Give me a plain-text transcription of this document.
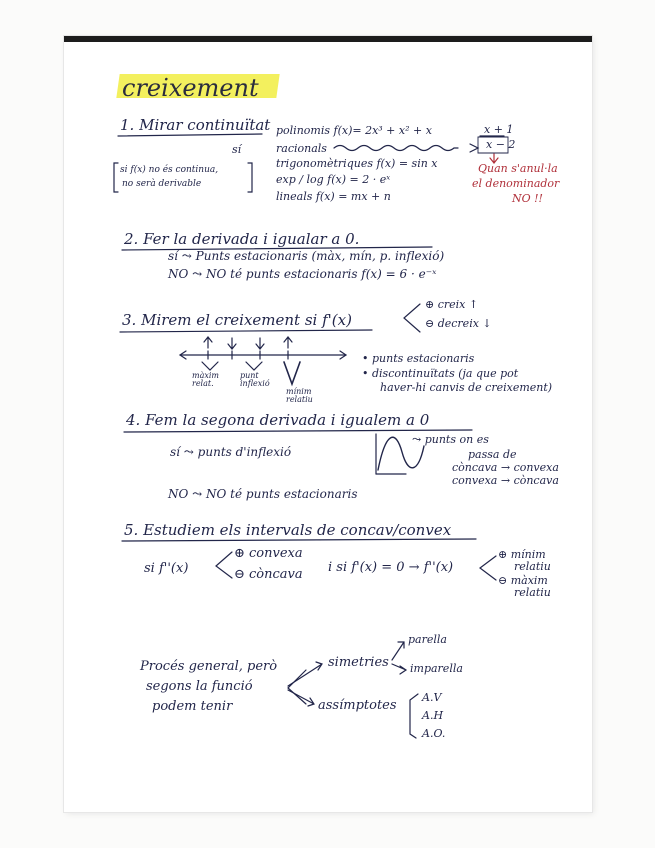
creixement
1. Mirar continuïtat
sí
si f(x) no és continua,
no serà derivable
polinomis f(x)= 2x³ + x² + x
racionals
x + 1
x − 2
trigonomètriques f(x) = sin x
exp / log f(x) = 2 · eˣ
lineals f(x) = mx + n
Quan s'anul·la
el denominador
NO !!
2. Fer la derivada i igualar a 0.
sí ⤳ Punts estacionaris (màx, mín, p. inflexió)
NO ⤳ NO té punts estacionaris f(x) = 6 · e⁻ˣ
3. Mirem el creixement si f'(x)
⊕ creix ↑
⊖ decreix ↓
màxim relat.
punt inflexió
mínim relatiu
• punts estacionaris
• discontinuïtats (ja que pot
haver-hi canvis de creixement)
4. Fem la segona derivada i igualem a 0
sí ⤳ punts d'inflexió
⤳ punts on es
passa de
còncava → convexa
convexa → còncava
NO ⤳ NO té punts estacionaris
5. Estudiem els intervals de concav/convex
si f''(x)
⊕ convexa
⊖ còncava i si f'(x) = 0 → f''(x)
⊕ mínim
relatiu
⊖ màxim
relatiu
Procés general, però
segons la funció
podem tenir
simetries
parella
imparella
assímptotes
A.V
A.H
A.O.
